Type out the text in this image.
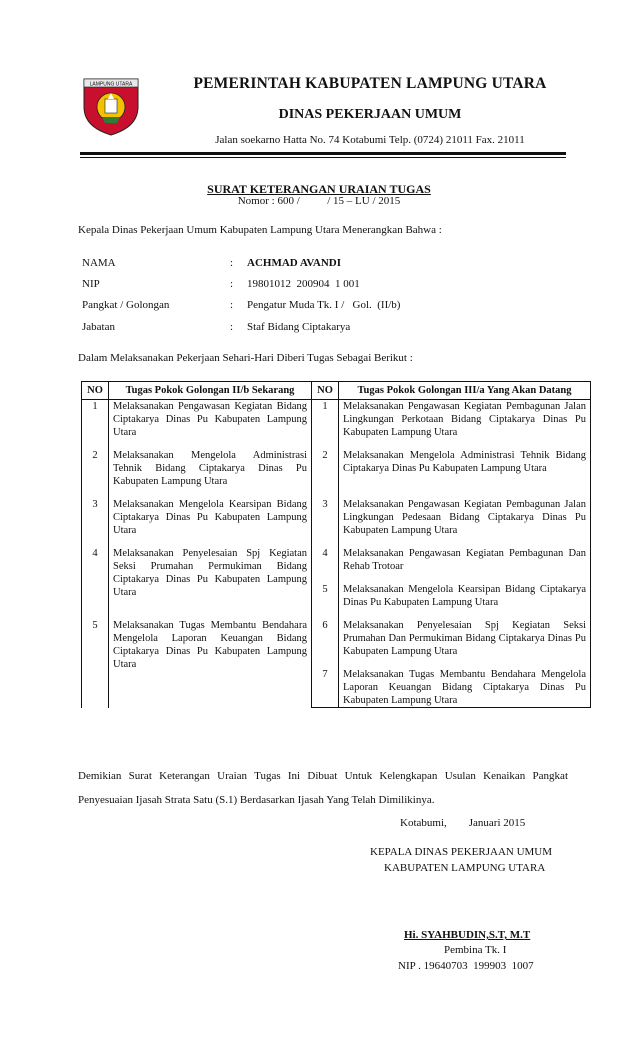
LAMPUNG UTARA	PEMERINTAH KABUPATEN LAMPUNG UTARA
DINAS PEKERJAAN UMUM
Jalan soekarno Hatta No. 74 Kotabumi Telp. (0724) 21011 Fax. 21011
SURAT KETERANGAN URAIAN TUGAS
Nomor : 600 /          / 15 – LU / 2015
Kepala Dinas Pekerjaan Umum Kabupaten Lampung Utara Menerangkan Bahwa :
NAMA	: ACHMAD AVANDI
NIP	: 19801012  200904  1 001
Pangkat / Golongan	: Pengatur Muda Tk. I /   Gol.  (II/b)
Jabatan	: Staf Bidang Ciptakarya
Dalam Melaksanakan Pekerjaan Sehari-Hari Diberi Tugas Sebagai Berikut :
NO	Tugas Pokok Golongan II/b Sekarang	NO	Tugas Pokok Golongan III/a Yang Akan Datang
1	Melaksanakan Pengawasan Kegiatan Bidang Ciptakarya Dinas Pu Kabupaten Lampung Utara	1	Melaksanakan Pengawasan Kegiatan Pembagunan Jalan Lingkungan Perkotaan Bidang Ciptakarya Dinas Pu Kabupaten Lampung Utara

2	Melaksanakan Mengelola Administrasi Tehnik Bidang Ciptakarya Dinas Pu Kabupaten Lampung Utara	2	Melaksanakan Mengelola Administrasi Tehnik Bidang Ciptakarya Dinas Pu Kabupaten Lampung Utara

3	Melaksanakan Mengelola Kearsipan Bidang Ciptakarya Dinas Pu Kabupaten Lampung Utara	3	Melaksanakan Pengawasan Kegiatan Pembagunan Jalan Lingkungan Pedesaan Bidang Ciptakarya Dinas Pu Kabupaten Lampung Utara

4	Melaksanakan Penyelesaian Spj Kegiatan Seksi Prumahan Permukiman Bidang Ciptakarya Dinas Pu Kabupaten Lampung Utara	4	Melaksanakan Pengawasan Kegiatan Pembagunan Dan Rehab Trotoar

		5	Melaksanakan Mengelola Kearsipan Bidang Ciptakarya Dinas Pu Kabupaten Lampung Utara

5	Melaksanakan Tugas Membantu Bendahara Mengelola Laporan Keuangan Bidang Ciptakarya Dinas Pu Kabupaten Lampung Utara	6	Melaksanakan Penyelesaian Spj Kegiatan Seksi Prumahan Dan Permukiman Bidang Ciptakarya Dinas Pu Kabupaten Lampung Utara

		7	Melaksanakan Tugas Membantu Bendahara Mengelola Laporan Keuangan Bidang Ciptakarya Dinas Pu Kabupaten Lampung Utara
Demikian Surat Keterangan Uraian Tugas Ini Dibuat Untuk Kelengkapan Usulan Kenaikan Pangkat Penyesuaian Ijasah Strata Satu (S.1) Berdasarkan Ijasah Yang Telah Dimilikinya.
Kotabumi,        Januari 2015
KEPALA DINAS PEKERJAAN UMUM
KABUPATEN LAMPUNG UTARA
Hi. SYAHBUDIN,S.T, M.T
Pembina Tk. I
NIP . 19640703  199903  1007
